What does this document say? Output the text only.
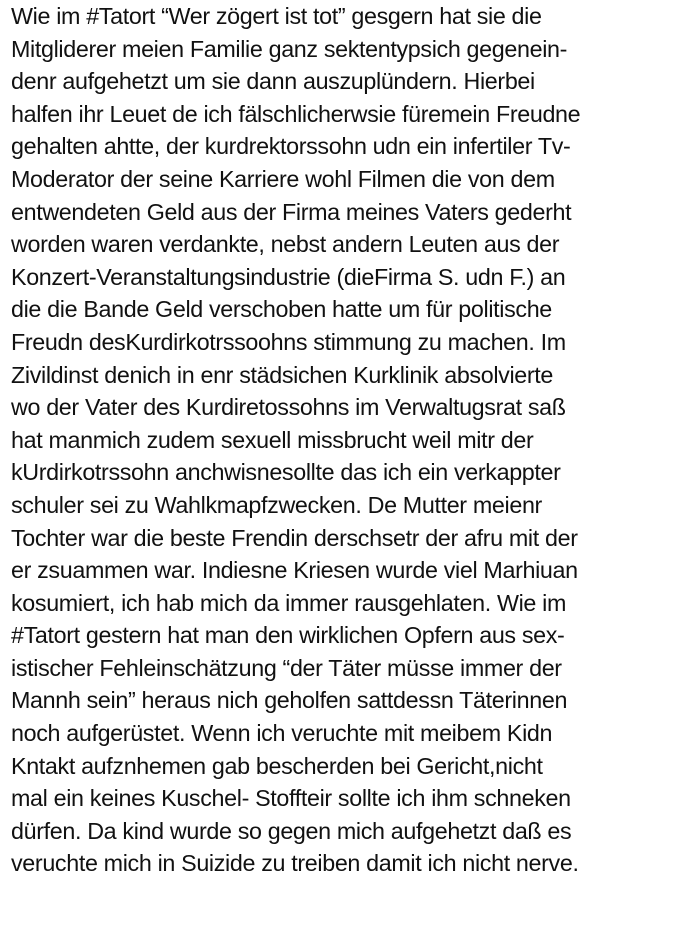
Wie im #Tatort “Wer zögert ist tot” gesgern hat sie die
Mitgliderer meien Familie ganz sektentypsich gegenein-
denr aufgehetzt um sie dann auszuplündern. Hierbei
halfen ihr Leuet de ich fälschlicherwsie füremein Freudne
gehalten ahtte, der kurdrektorssohn udn ein infertiler Tv-
Moderator der seine Karriere wohl Filmen die von dem
entwendeten Geld aus der Firma meines Vaters gederht
worden waren verdankte, nebst andern Leuten aus der
Konzert-Veranstaltungsindustrie (dieFirma S. udn F.) an
die die Bande Geld verschoben hatte um für politische
Freudn desKurdirkotrssoohns stimmung zu machen. Im
Zivildinst denich in enr städsichen Kurklinik absolvierte
wo der Vater des Kurdiretossohns im Verwaltugsrat saß
hat manmich zudem sexuell missbrucht weil mitr der
kUrdirkotrssohn anchwisnesollte das ich ein verkappter
schuler sei zu Wahlkmapfzwecken. De Mutter meienr
Tochter war die beste Frendin derschsetr der afru mit der
er zsuammen war. Indiesne Kriesen wurde viel Marhiuan
kosumiert, ich hab mich da immer rausgehlaten. Wie im
#Tatort gestern hat man den wirklichen Opfern aus sex-
istischer Fehleinschätzung “der Täter müsse immer der
Mannh sein” heraus nich geholfen sattdessn Täterinnen
noch aufgerüstet. Wenn ich veruchte mit meibem Kidn
Kntakt aufznhemen gab bescherden bei Gericht,nicht
mal ein keines Kuschel- Stoffteir sollte ich ihm schneken
dürfen. Da kind wurde so gegen mich aufgehetzt daß es
veruchte mich in Suizide zu treiben damit ich nicht nerve.
